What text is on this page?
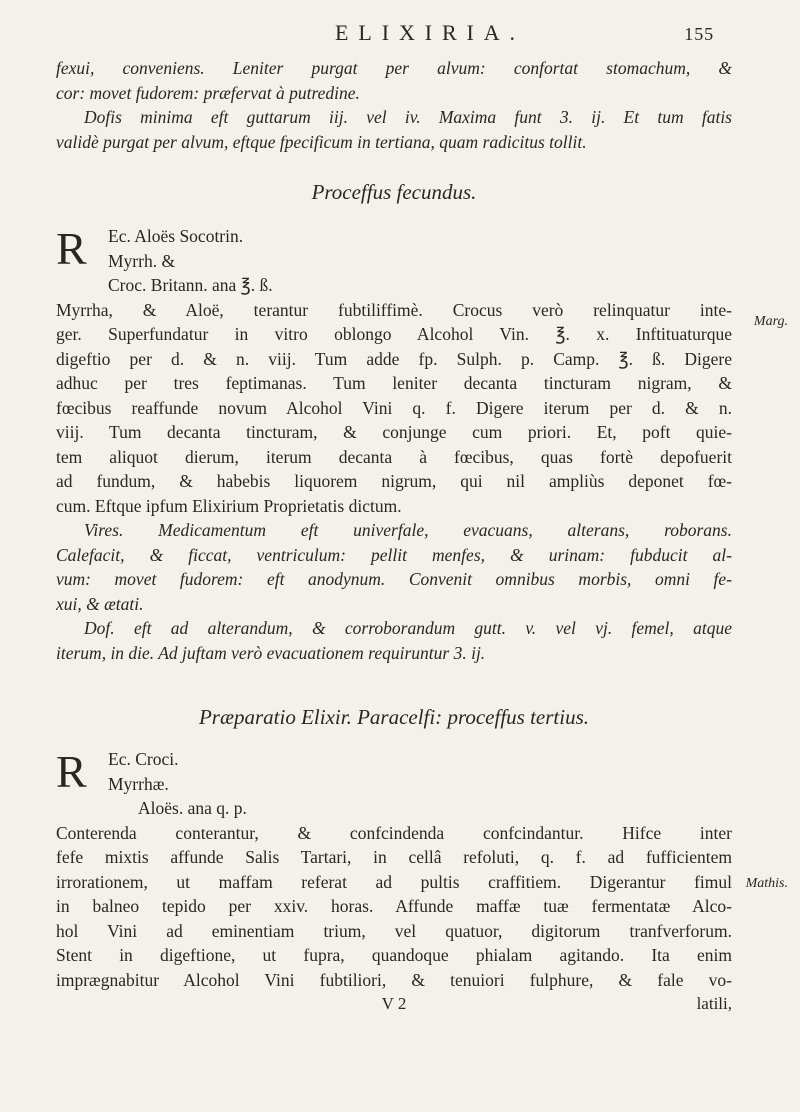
ELIXIRIA.	155
Marg.
Mathis.
fexui, conveniens. Leniter purgat per alvum: confortat stomachum, &
cor: movet fudorem: præfervat à putredine.
Dofis minima eft guttarum iij. vel iv. Maxima funt 3. ij. Et tum fatis
validè purgat per alvum, eftque fpecificum in tertiana, quam radicitus tollit.
Proceffus fecundus.
R Ec. Aloës Socotrin.
Myrrh. &
Croc. Britann. ana ℥. ß.
Myrrha, & Aloë, terantur fubtiliffimè. Crocus verò relinquatur inte-
ger. Superfundatur in vitro oblongo Alcohol Vin. ℥. x. Inftituaturque
digeftio per d. & n. viij. Tum adde fp. Sulph. p. Camp. ℥. ß. Digere
adhuc per tres feptimanas. Tum leniter decanta tincturam nigram, &
fœcibus reaffunde novum Alcohol Vini q. f. Digere iterum per d. & n.
viij. Tum decanta tincturam, & conjunge cum priori. Et, poft quie-
tem aliquot dierum, iterum decanta à fœcibus, quas fortè depofuerit
ad fundum, & habebis liquorem nigrum, qui nil ampliùs deponet fœ-
cum. Eftque ipfum Elixirium Proprietatis dictum.
Vires. Medicamentum eft univerfale, evacuans, alterans, roborans.
Calefacit, & ficcat, ventriculum: pellit menfes, & urinam: fubducit al-
vum: movet fudorem: eft anodynum. Convenit omnibus morbis, omni fe-
xui, & ætati.
Dof. eft ad alterandum, & corroborandum gutt. v. vel vj. femel, atque
iterum, in die. Ad juftam verò evacuationem requiruntur 3. ij.
Præparatio Elixir. Paracelfi: proceffus tertius.
R Ec. Croci.
Myrrhæ.
Aloës. ana q. p.
Conterenda conterantur, & confcindenda confcindantur. Hifce inter
fefe mixtis affunde Salis Tartari, in cellâ refoluti, q. f. ad fufficientem
irrorationem, ut maffam referat ad pultis craffitiem. Digerantur fimul
in balneo tepido per xxiv. horas. Affunde maffæ tuæ fermentatæ Alco-
hol Vini ad eminentiam trium, vel quatuor, digitorum tranfverforum.
Stent in digeftione, ut fupra, quandoque phialam agitando. Ita enim
imprægnabitur Alcohol Vini fubtiliori, & tenuiori fulphure, & fale vo-
V 2	latili,
